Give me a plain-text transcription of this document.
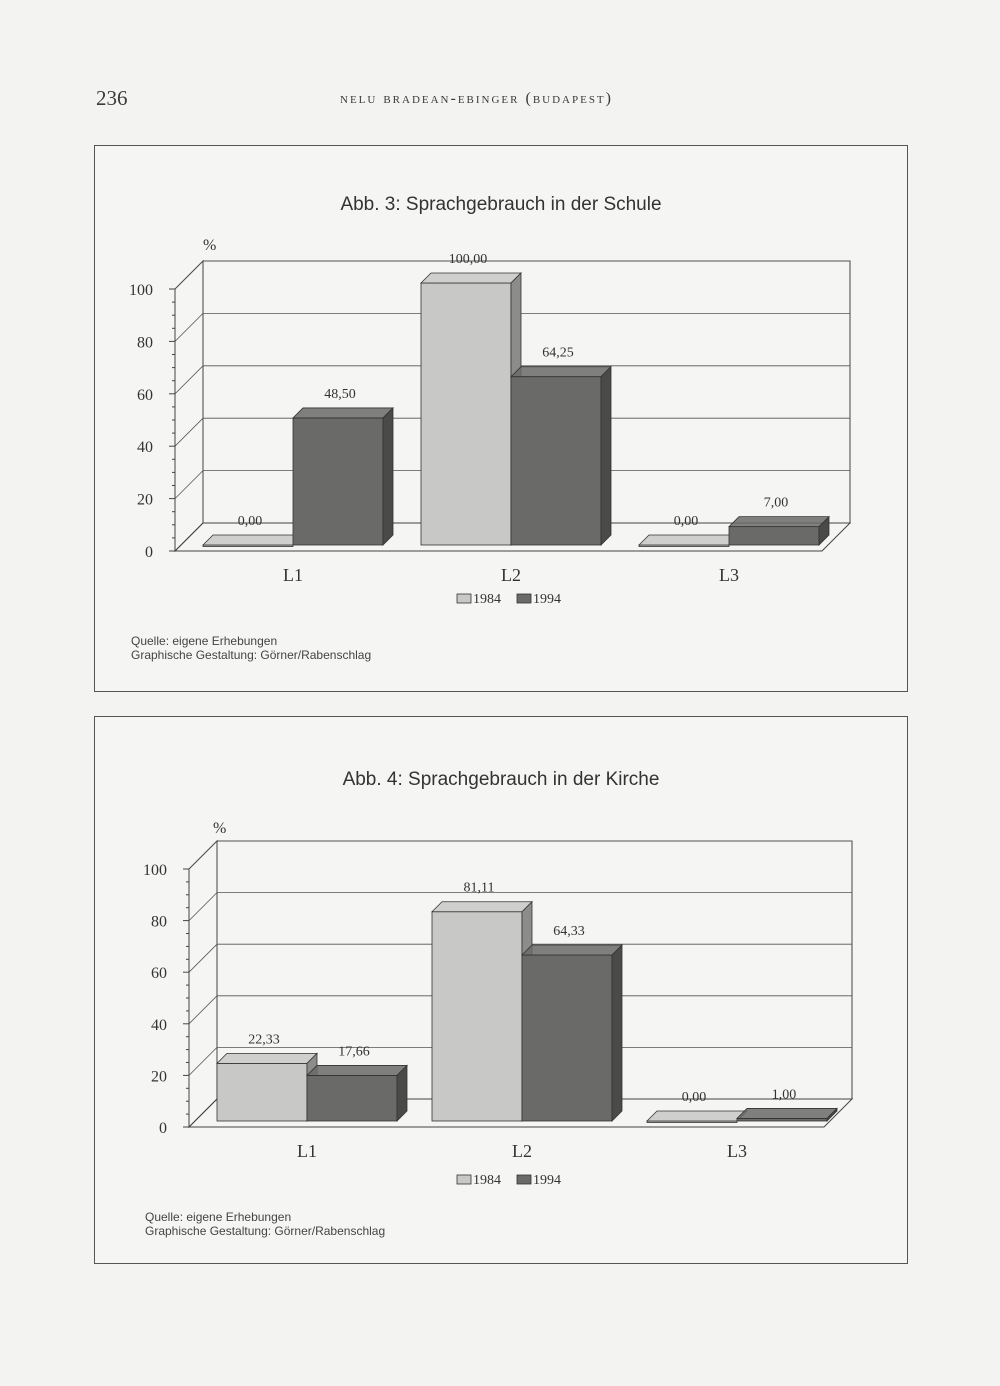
236	nelu bradean-ebinger (budapest)
Abb. 3: Sprachgebrauch in der Schule
%
0
20
40
60
80
100
0,00
48,50
L1
100,00
64,25
L2
0,00
7,00
L3
1984 1994
Quelle: eigene Erhebungen
Graphische Gestaltung: Görner/Rabenschlag
Abb. 4: Sprachgebrauch in der Kirche
%
0
20
40
60
80
100
22,33
17,66
L1
81,11
64,33
L2
0,00	1,00
L3
1984 1994
Quelle: eigene Erhebungen
Graphische Gestaltung: Görner/Rabenschlag
